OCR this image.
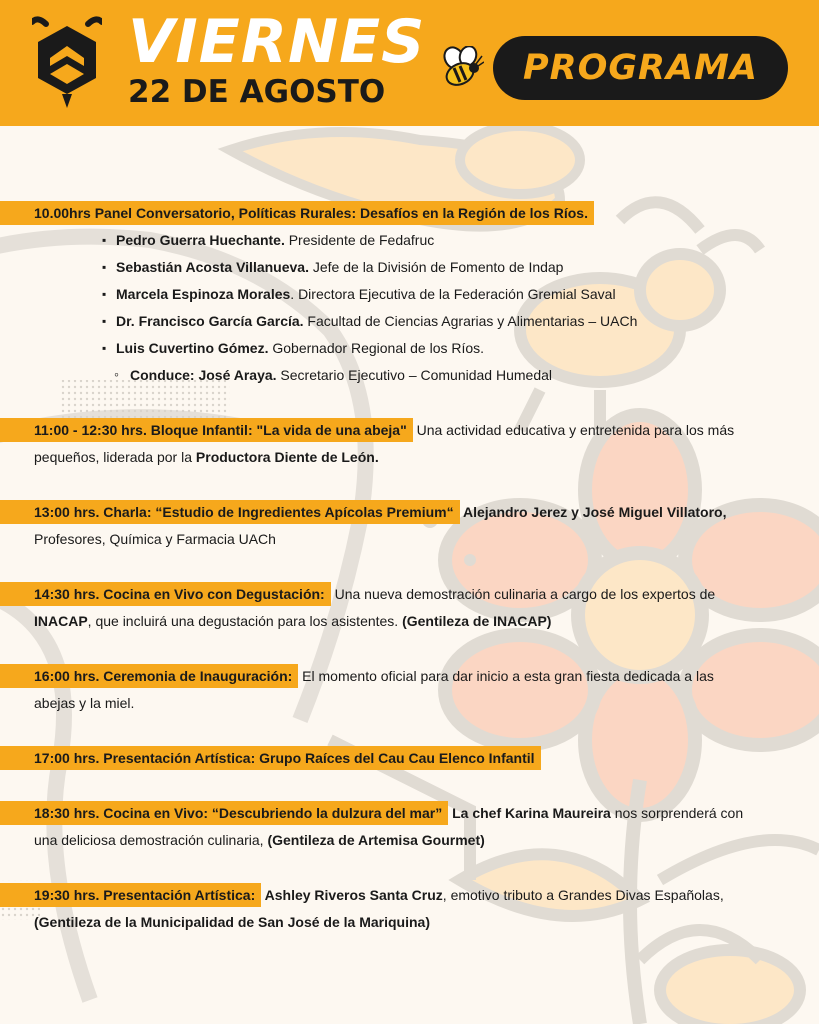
VIERNES
22 DE AGOSTO
PROGRAMA
10.00hrs Panel Conversatorio, Políticas Rurales: Desafíos en la Región de los Ríos.
▪ Pedro Guerra Huechante. Presidente de Fedafruc
▪ Sebastián Acosta Villanueva. Jefe de la División de Fomento de Indap
▪ Marcela Espinoza Morales. Directora Ejecutiva de la Federación Gremial Saval
▪ Dr. Francisco García García. Facultad de Ciencias Agrarias y Alimentarias – UACh
▪ Luis Cuvertino Gómez. Gobernador Regional de los Ríos.
◦ Conduce: José Araya. Secretario Ejecutivo – Comunidad Humedal
11:00 - 12:30 hrs. Bloque Infantil: "La vida de una abeja" Una actividad educativa y entretenida para los más
pequeños, liderada por la Productora Diente de León.
13:00 hrs. Charla: “Estudio de Ingredientes Apícolas Premium“ Alejandro Jerez y José Miguel Villatoro,
Profesores, Química y Farmacia UACh
14:30 hrs. Cocina en Vivo con Degustación: Una nueva demostración culinaria a cargo de los expertos de
INACAP, que incluirá una degustación para los asistentes. (Gentileza de INACAP)
16:00 hrs. Ceremonia de Inauguración: El momento oficial para dar inicio a esta gran fiesta dedicada a las
abejas y la miel.
17:00 hrs. Presentación Artística: Grupo Raíces del Cau Cau Elenco Infantil
18:30 hrs. Cocina en Vivo: “Descubriendo la dulzura del mar” La chef Karina Maureira nos sorprenderá con
una deliciosa demostración culinaria, (Gentileza de Artemisa Gourmet)
19:30 hrs. Presentación Artística: Ashley Riveros Santa Cruz, emotivo tributo a Grandes Divas Españolas,
(Gentileza de la Municipalidad de San José de la Mariquina)
